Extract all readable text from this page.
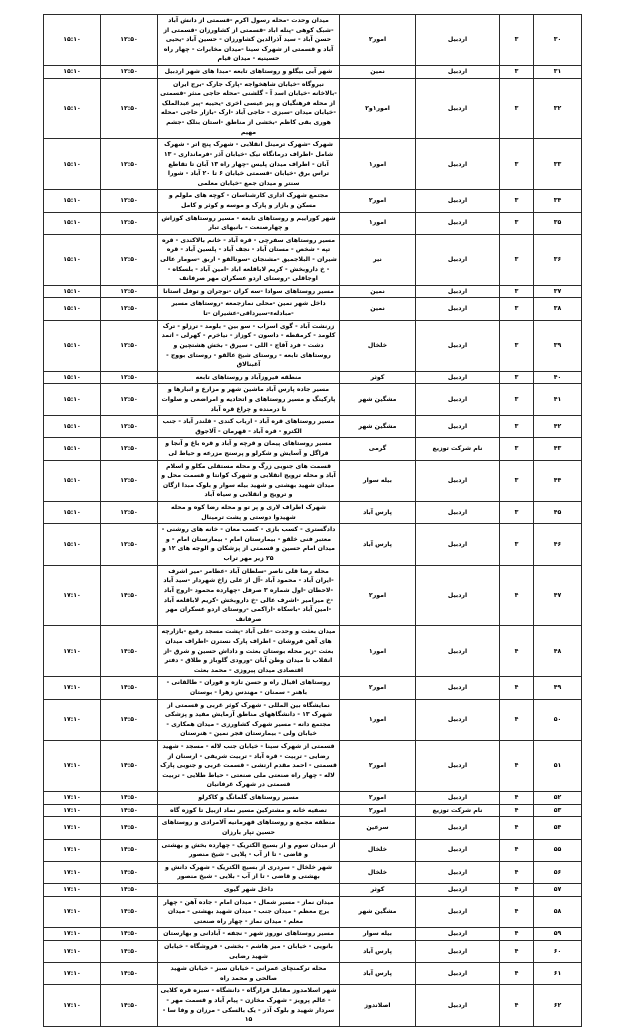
۳۰	۳	اردبیل	امور۲	میدان وحدت -محله رسول اکرم -قسمتی از دانش آباد -شبک کوهی -پنله اباد -قسمتی از کشاورزان -قسمتی از حسن آباد - سید آذرالدین کشاورزان - حسین آباد -یحیی آباد و قسمتی از شهرک سینا -میدان مخابرات - چهار راه حسینیه - میدان قیام	۱۲:۵۰	۱۵:۱۰
۳۱	۳	اردبیل	نمین	شهر آبی بیگلو و روستاهای تابعه -مبدا های شهر اردبیل	۱۲:۵۰	۱۵:۱۰
۳۲	۳	اردبیل	امور۱و۲	نیروگاه -خیابان شاهخواجه -پارک جارک -برج ایران -بالاخانه -خیابان اسد آ - گلشنی -محله حاجی منثر -قسمتی از محله فرهنگیان و پیر عیسی اخری -یحییه -پیر عبدالملک -خیابان میدان -سبزی - حاجی آباد -ارک -بازار حاجی -محله هوری بقی کاظم -بخشی از مناطق -استان بنلک -جشم مهیم	۱۲:۵۰	۱۵:۱۰
۳۳	۳	اردبیل	امور۱	شهرک -شهرک ترمینل انقلابی - شهرک پنج اتر - شهرک شامل -اطراف درمانگاه نیک -خیابان آذر -فرمانداری - ۱۳ آبان - اطراف میدان پلیس -چهار راه ۱۳ آبان تا تقاطع تراس برق -خیابان -قسمتی خیابان ۶ تا ۲۰ آباد - شورا سنتر و میدان جمع -خیابان معلمی	۱۲:۵۰	۱۵:۱۰
۳۴	۳	اردبیل	امور۲	مجتمع شهرک اداری کارشناسان - کوچه های ملولم و مسکن و بازار و پارک و موسه و کوثر و کامل	۱۲:۵۰	۱۵:۱۰
۳۵	۳	اردبیل	امور۱	شهر کوراییم و روستاهای تابعه - مسیر روستاهای کوزاش و چهارصنعت - بانیهای تبار	۱۲:۵۰	۱۵:۱۰
۳۶	۳	اردبیل	نیر	مسیر روستاهای سفرچی - قره آباد - خانم بالاکندی - قره تپه - شخص - مستان آباد - نجف آباد - پلسین آباد - قره شیران - البلاجمیق -مشنجان -سونالقو - اربق -سومار عالی - خ داروبخش - کریم لاباقلعه اباد -امین آباد - بلسکاه - اوجاقلی -روستای اردو عسکران مهر صرفانف	۱۲:۵۰	۱۵:۱۰
۳۷	۳	اردبیل	نمین	مسیر روستاهای سوادا -سه کران -نوجران و توفل استانا	۱۲:۵۰	۱۵:۱۰
۳۸	۳	اردبیل	نمین	داخل شهر نمین -محلی نمازجمعه -روستاهای مسیر -مبادلهء-سیرداقی-عشیران -تا	۱۲:۵۰	۱۵:۱۰
۳۹	۳	اردبیل	خلخال	زرنشت آباد - گوی اسراب - سو بین - بلومد - ترزلو - ترک کلومد - کرمقطه - داسون - کوزاز - نیاخرم - کهرلی - اتمد دشت - فرد آقاج - اللی - سیرق - بخش هشتچین و روستاهای تابعه - روستای شیخ عالقو - روستای بووج - آغبنالاق	۱۲:۵۰	۱۵:۱۰
۴۰	۳	اردبیل	کوثر	منطقه فیروزآباد و روستاهای تابعه	۱۲:۵۰	۱۵:۱۰
۴۱	۳	اردبیل	مشگین شهر	مسیر جاده پارس آباد ماشین شهر و مزارع و انبارها و پارکینگ و مسیر روستاهای و اتحادیه و امراضعی و صلوات تا درمنده و چراغ قره آباد	۱۲:۵۰	۱۵:۱۰
۴۲	۳	اردبیل	مشگین شهر	مسیر روستاهای قره آباد - ارباب کندی - قلندر آباد - جنب الکترو - قره آباد - قهرمان - آلاجوق	۱۲:۵۰	۱۵:۱۰
۴۳	۳	نام شرکت توزیع	گرمی	مسیر روستاهای پیمان و قرچه و آباد و قره باغ و آنجا و قراگل و آسایش و شکرلو و پرسنج مزرعه و حیاط لی	۱۲:۵۰	۱۵:۱۰
۴۴	۳	اردبیل	بیله سوار	قسمت های جنوبی زرگ و محله مستقلی مکلو و اسلام آباد و محله ترویج انقلابی و شهرک کوانتا و قسمت محل و میدان شهید بهشتی و شهید بیله سوار و بلوک مبدا ازگان و ترویج و انقلابی و سیاه آباد	۱۲:۵۰	۱۵:۱۰
۴۵	۳	اردبیل	پارس آباد	شهرک اطراف لاری و پر تو و محله رضا کوه و محله شهیدوا دوستی و پشت ترمینال	۱۲:۵۰	۱۵:۱۰
۴۶	۳	اردبیل	پارس آباد	دادگستری - کسب بازی - کسب معان - خانه های روشنی - معتبر فنی خلقو - بیمارستان امام - بیمارستان امام - و میدان امام حسین و قسمتی از پزشکان و الوجه های ۱۲ و ۲۵ زیر مهر تراب	۱۲:۵۰	۱۵:۱۰
۴۷	۴	اردبیل	امور۲	محله رضا قلی ناصر -سلطان آباد -عطامر -میر اشرف -ایران آباد - محمود آباد -آل از علی زاخ شهردار -سید آباد -لاحطان -اول شماره ۳ صرفل -چهارده محمود -اروج آباد -خ میرامیر -اشرف عالی -خ داروبخش -کریم لاباقلعه آباد -امین آباد -باسکاه -اراکمی -روستای اردو عسکران مهر صرفانف	۱۴:۵۰	۱۷:۱۰
۴۸	۴	اردبیل	امور۱	میدان بعثت و وحدت -علی آباد -پشت مسجد رفیع -بازارچه های آهن فروشان - اطراف پارک نسترن -اطراف میدان بعثت -زیر محله بوستان بعثت و داداش حسین و شرق -از انقلاب تا میدان وطن آبان -ورودی گلوباز و طلاق - دفتر اقتصادی میدان پیروزی - محمد بعثت	۱۴:۵۰	۱۷:۱۰
۴۹	۴	اردبیل	امور۲	روستاهای اقبال راه و حسن تازه و قوران - طالقانی - باهنر - سمنان - مهندس زهرا - بوستان	۱۴:۵۰	۱۷:۱۰
۵۰	۴	اردبیل	امور۱	نمایشگاه بین المللی - شهرک کوثر غربی و قسمتی از شهرک ۱۳ - دانشگاههای مناطق آزمایش مفید و پزشکی مجتمع دانه - مسیر شهرک کشاورزی - میدان همکاری - خیابان ولی - بیمارستان فجر نمین - هنرستان	۱۴:۵۰	۱۷:۱۰
۵۱	۴	اردبیل	امور۲	قسمتی از شهرک سینا - خیابان جنب لاله - مسجد - شهید رضایی - تربیت - قره آباد - تربیت شریفی - ارسنان از قسمتی - احمد مقدم ارتشی - قسمت غربی و جنوبی پارک لاله - چهار راه صنعتی ملی صنعتی - حیاط طلایی - تربیت قسمتی در شهرک غرفانیان	۱۴:۵۰	۱۷:۱۰
۵۲	۴	اردبیل	امور۲	مسیر روستاهای گلمانگ و کاکرلو	۱۴:۵۰	۱۷:۱۰
۵۳	۴	نام شرکت توزیع	امور۲	تصفیه خانه و مشترکین مسیر نماد ازبیل تا کوزه گاه	۱۴:۵۰	۱۷:۱۰
۵۴	۴	اردبیل	سرعین	منطقه مجمع و روستاهای قهرمانیه آلامرادی و روستاهای حسین تپار بارزان	۱۴:۵۰	۱۷:۱۰
۵۵	۴	اردبیل	خلخال	از میدان سوم و از بسیج الکتریک - چهارده بخش و بهشتی و قاضی - تا از آب - پلایی - شیخ منصور	۱۴:۵۰	۱۷:۱۰
۵۶	۴	اردبیل	خلخال	شهر خلخال - سردری از بسیج الکتریک - شهرک دانش و بهشتی و قاضی - تا از آب - بلایی - شیخ منصور	۱۴:۵۰	۱۷:۱۰
۵۷	۴	اردبیل	کوثر	داخل شهر گیوی	۱۴:۵۰	۱۷:۱۰
۵۸	۴	اردبیل	مشگین شهر	میدان نماز - مسیر شمال - میدان امام - جاده آهن - چهار برج معظم - میدان جنب - میدان شهید بهشتی - میدان معلم - میدان نماز - چهار راه صنعتی	۱۴:۵۰	۱۷:۱۰
۵۹	۴	اردبیل	بیله سوار	مسیر روستاهای نوروز شهر - نجفه - آبادانی و بهارستان	۱۴:۵۰	۱۷:۱۰
۶۰	۴	اردبیل	پارس آباد	بانویی - خیابان - میر هاشم - بخشی - فروشگاه - خیابان شهید رضایی	۱۴:۵۰	۱۷:۱۰
۶۱	۴	اردبیل	پارس آباد	محله ترکمنچای عمرانی - خیابان سبز - خیابان شهید صالحی و محمد راه	۱۴:۵۰	۱۷:۱۰
۶۲	۴	اردبیل	اصلاندوز	شهر اسلامدوز مقابل قرارگاه - دانشگاه - سبزه قره کلایی - عالم پرویز - شهرک مخازن - پیام آباد و قسمت مهر - سردار شهید و بلوک آذر - یک بالسکی - مرزان و وفا سا - ۱۵	۱۴:۵۰	۱۷:۱۰
